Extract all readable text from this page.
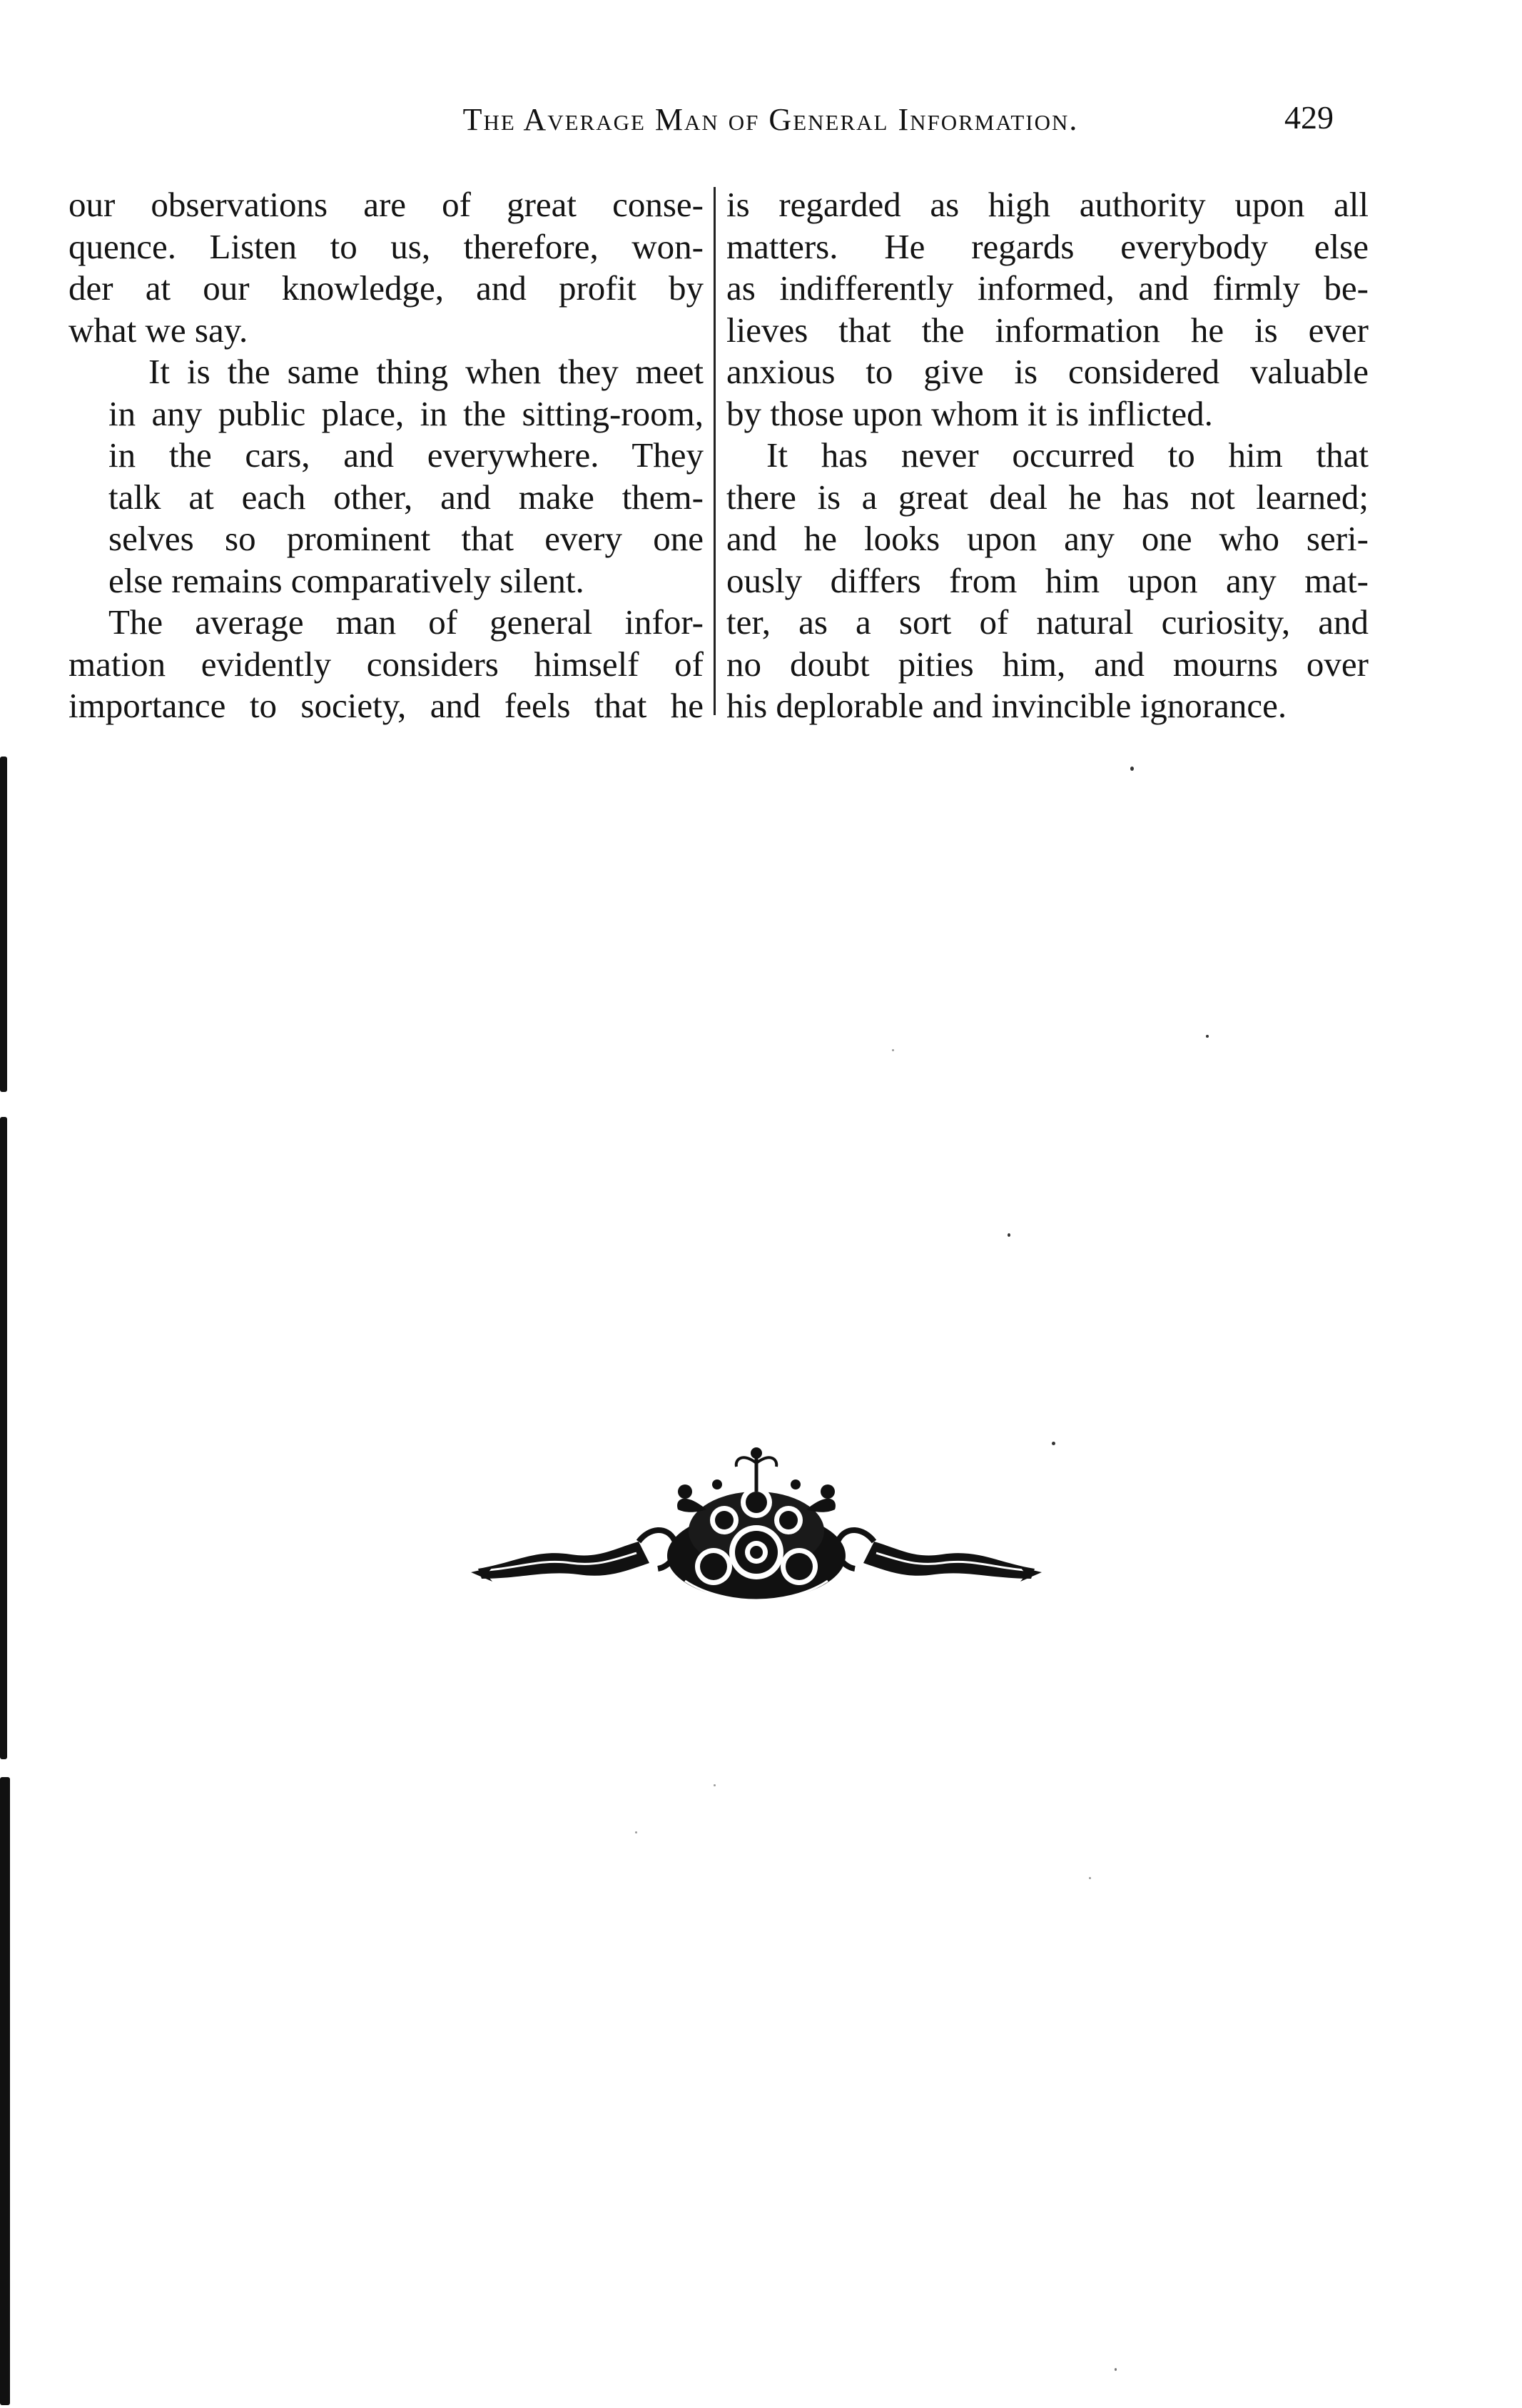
The Average Man of General Information.	429

our observations are of great conse-
quence. Listen to us, therefore, won-
der at our knowledge, and profit by
what we say.

It is the same thing when they meet
in any public place, in the sitting-room,
in the cars, and everywhere. They
talk at each other, and make them-
selves so prominent that every one
else remains comparatively silent.

The average man of general infor-
mation evidently considers himself of
importance to society, and feels that he

is regarded as high authority upon all
matters. He regards everybody else
as indifferently informed, and firmly be-
lieves that the information he is ever
anxious to give is considered valuable
by those upon whom it is inflicted.

It has never occurred to him that
there is a great deal he has not learned;
and he looks upon any one who seri-
ously differs from him upon any mat-
ter, as a sort of natural curiosity, and
no doubt pities him, and mourns over
his deplorable and invincible ignorance.
